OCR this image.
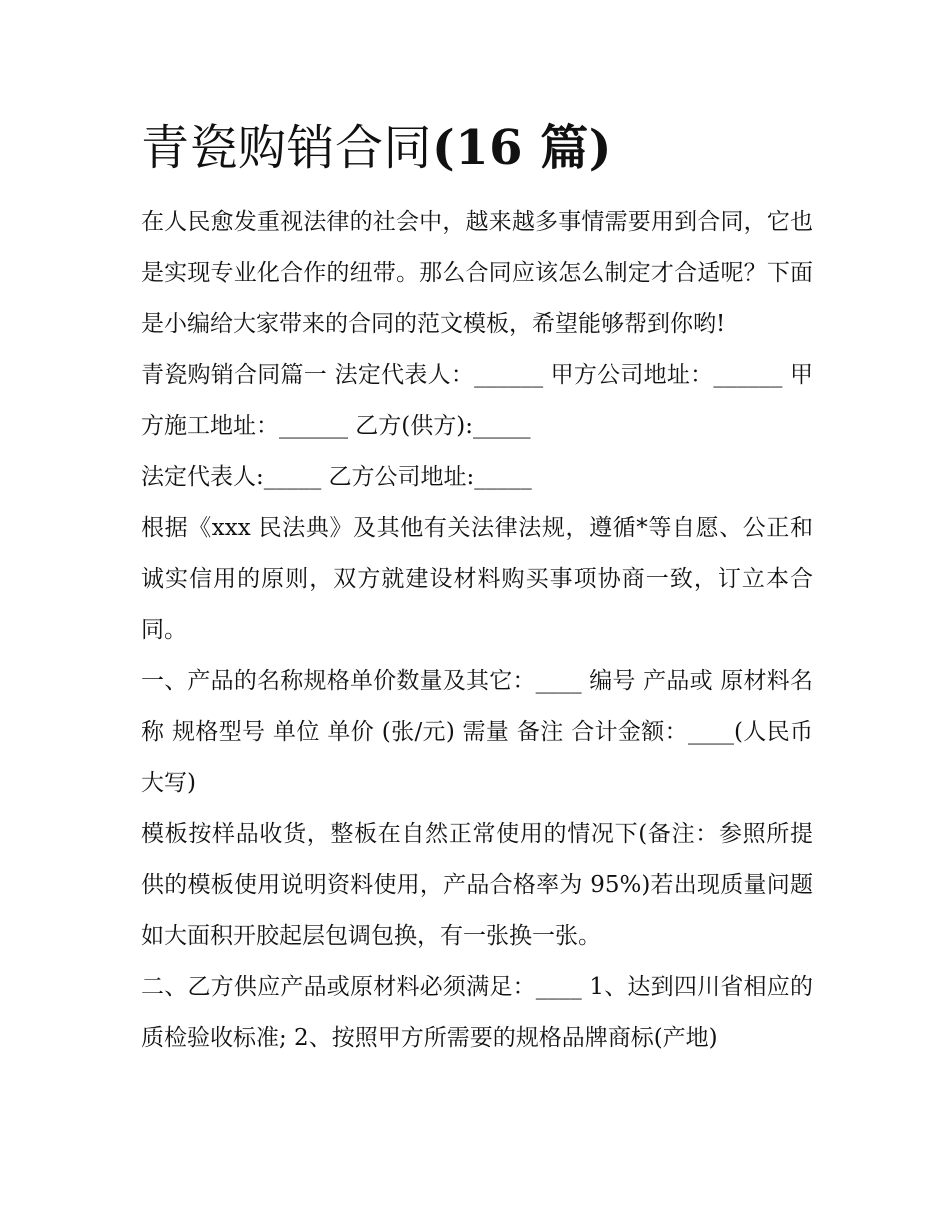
青瓷购销合同(16 篇)

在人民愈发重视法律的社会中，越来越多事情需要用到合同，它也是实现专业化合作的纽带。那么合同应该怎么制定才合适呢？下面是小编给大家带来的合同的范文模板，希望能够帮到你哟!

青瓷购销合同篇一 法定代表人：______ 甲方公司地址：______ 甲方施工地址：______ 乙方(供方):_____

法定代表人:_____ 乙方公司地址:_____

根据《xxx 民法典》及其他有关法律法规，遵循*等自愿、公正和诚实信用的原则，双方就建设材料购买事项协商一致，订立本合同。

一、产品的名称规格单价数量及其它：____ 编号 产品或 原材料名称 规格型号 单位 单价 (张/元) 需量 备注 合计金额：____(人民币大写)

模板按样品收货，整板在自然正常使用的情况下(备注：参照所提供的模板使用说明资料使用，产品合格率为 95%)若出现质量问题如大面积开胶起层包调包换，有一张换一张。

二、乙方供应产品或原材料必须满足：____ 1、达到四川省相应的质检验收标准; 2、按照甲方所需要的规格品牌商标(产地)
